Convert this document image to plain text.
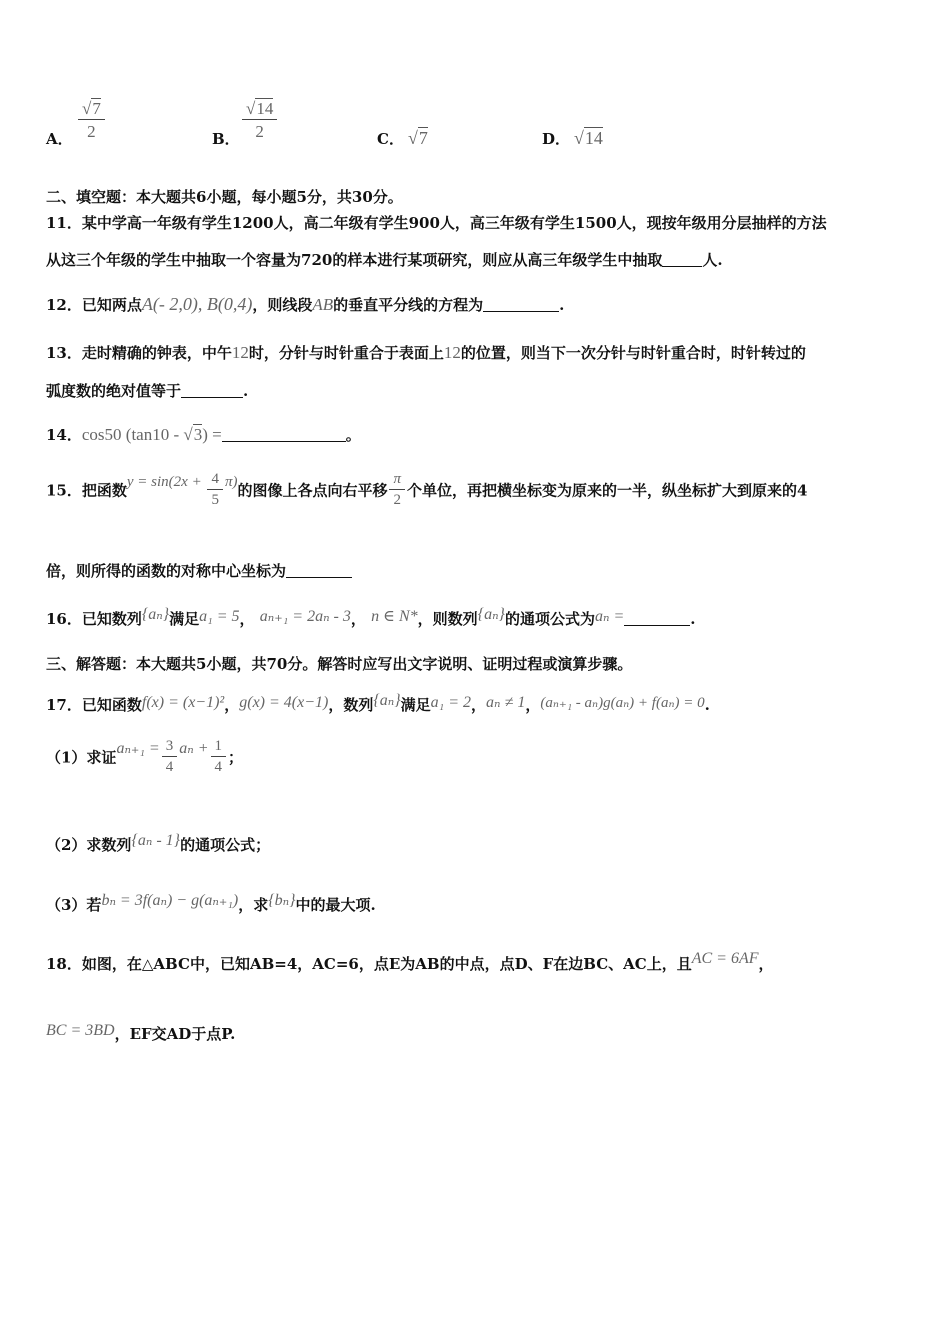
A． $\frac{√7}{2}$	B． $\frac{√14}{2}$	C． √7	D． √14
二、填空题：本大题共6小题，每小题5分，共30分。
11．某中学高一年级有学生1200人，高二年级有学生900人，高三年级有学生1500人，现按年级用分层抽样的方法
从这三个年级的学生中抽取一个容量为720的样本进行某项研究，则应从高三年级学生中抽取	人.
12．已知两点A(- 2,0), B(0,4)，则线段AB的垂直平分线的方程为	.
13．走时精确的钟表，中午12时，分针与时针重合于表面上12的位置，则当下一次分针与时针重合时，时针转过的
弧度数的绝对值等于	.
14．cos50 (tan10 - √3) =	。
15．把函数$y = \sin(2x + \frac{4}{5} \pi)$的图像上各点向右平移 $\frac{\pi}{2}$ 个单位，再把横坐标变为原来的一半，纵坐标扩大到原来的4
倍，则所得的函数的对称中心坐标为
16．已知数列{aₙ}满足a₁ = 5， aₙ₊₁ = 2aₙ - 3， n ∈ N*，则数列{aₙ}的通项公式为aₙ =	.
三、解答题：本大题共5小题，共70分。解答时应写出文字说明、证明过程或演算步骤。
17．已知函数f(x) = (x−1)²，g(x) = 4(x−1)，数列{aₙ}满足a₁ = 2，aₙ ≠ 1，(aₙ₊₁ - aₙ)g(aₙ) + f(aₙ) = 0.
（1）求证$a_{n+1} = \frac{3}{4}$ $a_n + \frac{1}{4}$ ；
（2）求数列{aₙ - 1}的通项公式；
（3）若bₙ = 3f(aₙ) − g(aₙ₊₁)，求{bₙ}中的最大项.
18．如图，在△ABC中，已知AB=4，AC=6，点E为AB的中点，点D、F在边BC、AC上，且AC = 6AF，
BC = 3BD，EF交AD于点P.
